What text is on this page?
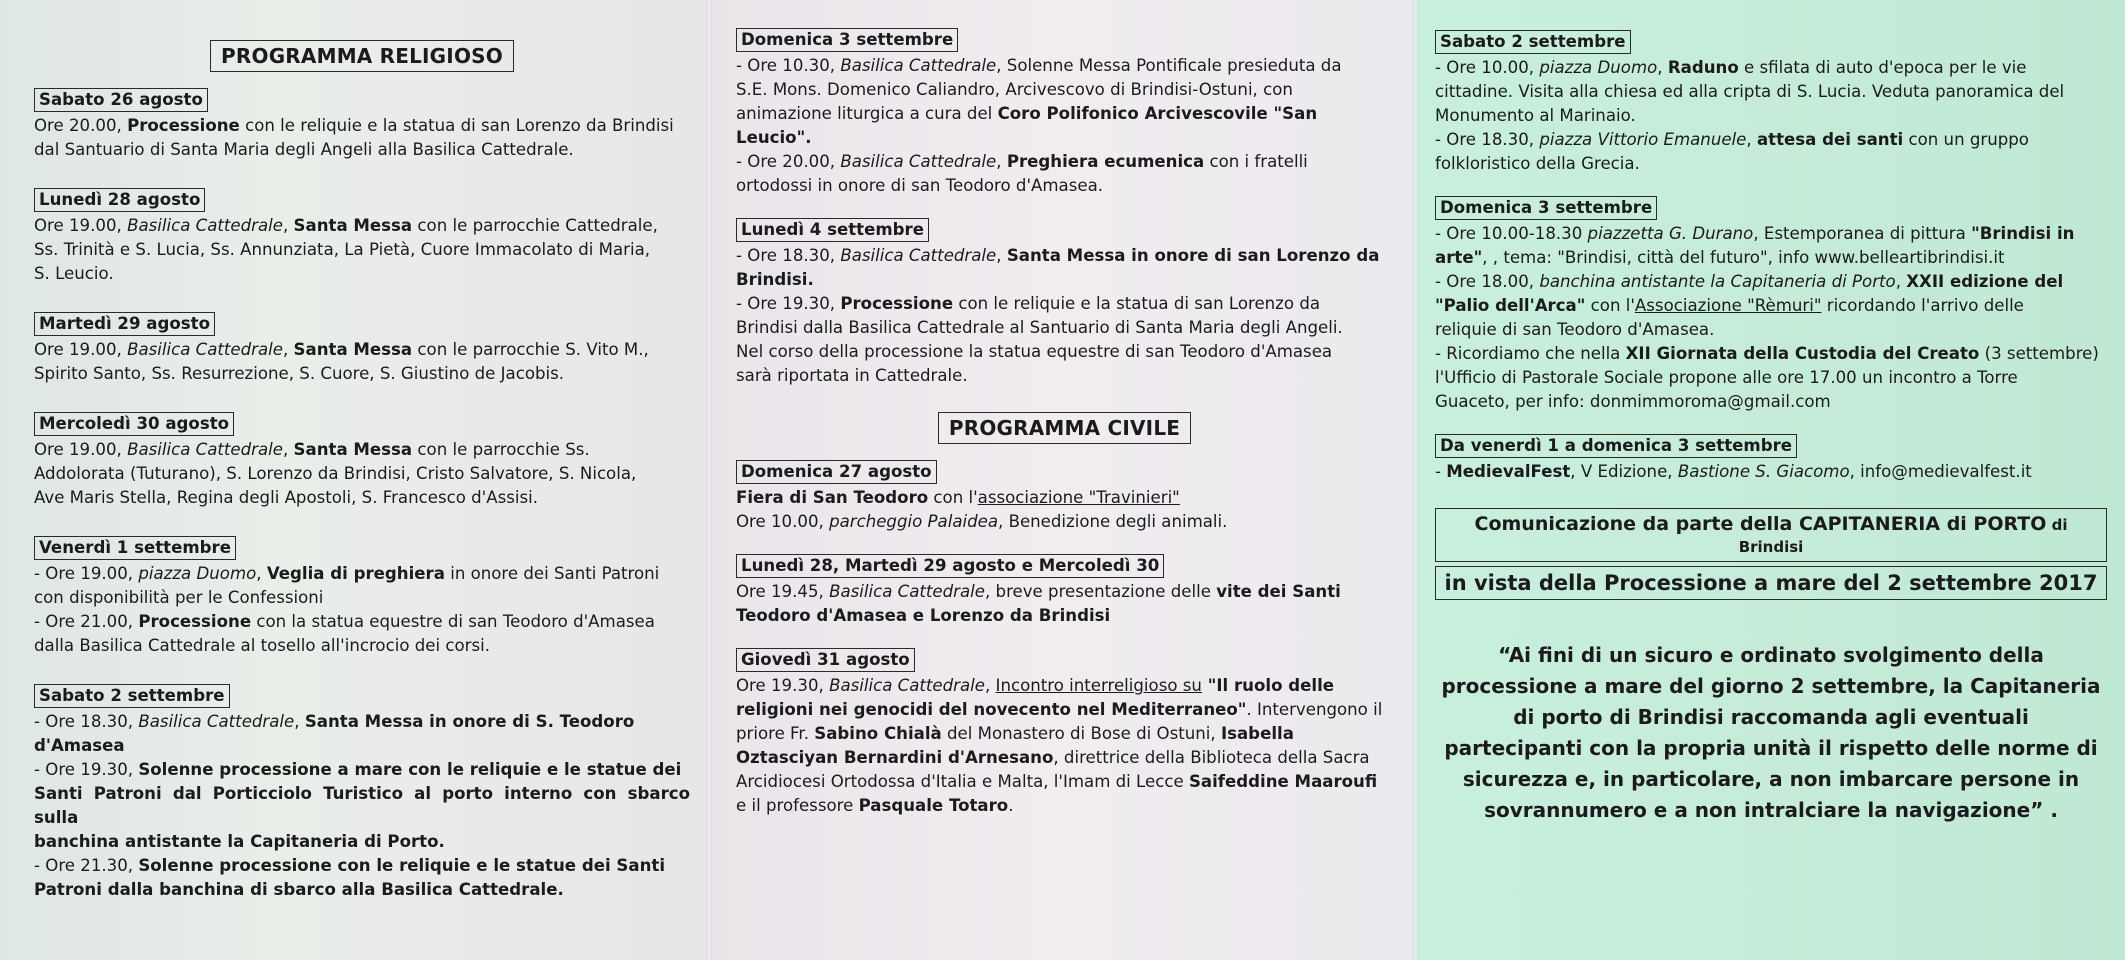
PROGRAMMA RELIGIOSO
Sabato 26 agosto
Ore 20.00, Processione con le reliquie e la statua di san Lorenzo da Brindisi
dal Santuario di Santa Maria degli Angeli alla Basilica Cattedrale.
Lunedì 28 agosto
Ore 19.00, Basilica Cattedrale, Santa Messa con le parrocchie Cattedrale,
Ss. Trinità e S. Lucia, Ss. Annunziata, La Pietà, Cuore Immacolato di Maria,
S. Leucio.
Martedì 29 agosto
Ore 19.00, Basilica Cattedrale, Santa Messa con le parrocchie S. Vito M.,
Spirito Santo, Ss. Resurrezione, S. Cuore, S. Giustino de Jacobis.
Mercoledì 30 agosto
Ore 19.00, Basilica Cattedrale, Santa Messa con le parrocchie Ss.
Addolorata (Tuturano), S. Lorenzo da Brindisi, Cristo Salvatore, S. Nicola,
Ave Maris Stella, Regina degli Apostoli, S. Francesco d'Assisi.
Venerdì 1 settembre
- Ore 19.00, piazza Duomo, Veglia di preghiera in onore dei Santi Patroni
con disponibilità per le Confessioni
- Ore 21.00, Processione con la statua equestre di san Teodoro d'Amasea
dalla Basilica Cattedrale al tosello all'incrocio dei corsi.
Sabato 2 settembre
- Ore 18.30, Basilica Cattedrale, Santa Messa in onore di S. Teodoro
d'Amasea
- Ore 19.30, Solenne processione a mare con le reliquie e le statue dei
Santi Patroni dal Porticciolo Turistico al porto interno con sbarco sulla
banchina antistante la Capitaneria di Porto.
- Ore 21.30, Solenne processione con le reliquie e le statue dei Santi
Patroni dalla banchina di sbarco alla Basilica Cattedrale.
Domenica 3 settembre
- Ore 10.30, Basilica Cattedrale, Solenne Messa Pontificale presieduta da
S.E. Mons. Domenico Caliandro, Arcivescovo di Brindisi-Ostuni, con
animazione liturgica a cura del Coro Polifonico Arcivescovile "San
Leucio".
- Ore 20.00, Basilica Cattedrale, Preghiera ecumenica con i fratelli
ortodossi in onore di san Teodoro d'Amasea.
Lunedì 4 settembre
- Ore 18.30, Basilica Cattedrale, Santa Messa in onore di san Lorenzo da
Brindisi.
- Ore 19.30, Processione con le reliquie e la statua di san Lorenzo da
Brindisi dalla Basilica Cattedrale al Santuario di Santa Maria degli Angeli.
Nel corso della processione la statua equestre di san Teodoro d'Amasea
sarà riportata in Cattedrale.
PROGRAMMA CIVILE
Domenica 27 agosto
Fiera di San Teodoro con l'associazione "Travinieri"
Ore 10.00, parcheggio Palaidea, Benedizione degli animali.
Lunedì 28, Martedì 29 agosto e Mercoledì 30
Ore 19.45, Basilica Cattedrale, breve presentazione delle vite dei Santi
Teodoro d'Amasea e Lorenzo da Brindisi
Giovedì 31 agosto
Ore 19.30, Basilica Cattedrale, Incontro interreligioso su "Il ruolo delle
religioni nei genocidi del novecento nel Mediterraneo". Intervengono il
priore Fr. Sabino Chialà del Monastero di Bose di Ostuni, Isabella
Oztasciyan Bernardini d'Arnesano, direttrice della Biblioteca della Sacra
Arcidiocesi Ortodossa d'Italia e Malta, l'Imam di Lecce Saifeddine Maaroufi
e il professore Pasquale Totaro.
Sabato 2 settembre
- Ore 10.00, piazza Duomo, Raduno e sfilata di auto d'epoca per le vie
cittadine. Visita alla chiesa ed alla cripta di S. Lucia. Veduta panoramica del
Monumento al Marinaio.
- Ore 18.30, piazza Vittorio Emanuele, attesa dei santi con un gruppo
folkloristico della Grecia.
Domenica 3 settembre
- Ore 10.00-18.30 piazzetta G. Durano, Estemporanea di pittura "Brindisi in
arte", , tema: "Brindisi, città del futuro", info www.belleartibrindisi.it
- Ore 18.00, banchina antistante la Capitaneria di Porto, XXII edizione del
"Palio dell'Arca" con l'Associazione "Rèmuri" ricordando l'arrivo delle
reliquie di san Teodoro d'Amasea.
- Ricordiamo che nella XII Giornata della Custodia del Creato (3 settembre)
l'Ufficio di Pastorale Sociale propone alle ore 17.00 un incontro a Torre
Guaceto, per info: donmimmoroma@gmail.com
Da venerdì 1 a domenica 3 settembre
- MedievalFest, V Edizione, Bastione S. Giacomo, info@medievalfest.it
Comunicazione da parte della CAPITANERIA di PORTO di Brindisi
in vista della Processione a mare del 2 settembre 2017
“Ai fini di un sicuro e ordinato svolgimento della processione a mare del giorno 2 settembre, la Capitaneria di porto di Brindisi raccomanda agli eventuali partecipanti con la propria unità il rispetto delle norme di sicurezza e, in particolare, a non imbarcare persone in sovrannumero e a non intralciare la navigazione” .
